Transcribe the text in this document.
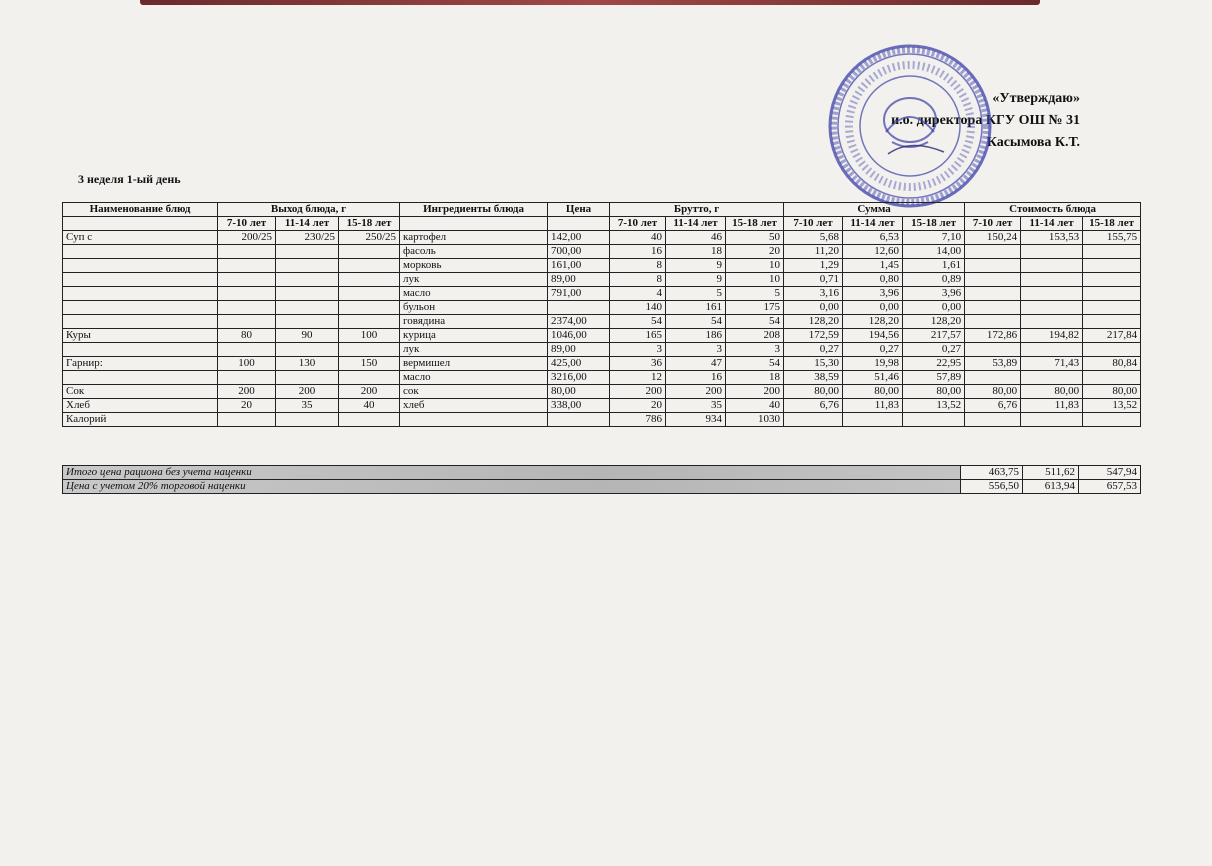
«Утверждаю»
и.о. директора КГУ ОШ № 31
Касымова К.Т.
3 неделя 1-ый день
Наименование блюд	Выход блюда, г			Ингредиенты блюда	Цена	Брутто, г			Сумма			Стоимость блюда		
	7-10 лет	11-14 лет	15-18 лет			7-10 лет	11-14 лет	15-18 лет	7-10 лет	11-14 лет	15-18 лет	7-10 лет	11-14 лет	15-18 лет
Суп с	200/25	230/25	250/25	картофел	142,00	40	46	50	5,68	6,53	7,10	150,24	153,53	155,75
				фасоль	700,00	16	18	20	11,20	12,60	14,00			
				морковь	161,00	8	9	10	1,29	1,45	1,61			
				лук	89,00	8	9	10	0,71	0,80	0,89			
				масло	791,00	4	5	5	3,16	3,96	3,96			
				бульон		140	161	175	0,00	0,00	0,00			
				говядина	2374,00	54	54	54	128,20	128,20	128,20			
Куры	80	90	100	курица	1046,00	165	186	208	172,59	194,56	217,57	172,86	194,82	217,84
				лук	89,00	3	3	3	0,27	0,27	0,27			
Гарнир:	100	130	150	вермишел	425,00	36	47	54	15,30	19,98	22,95	53,89	71,43	80,84
				масло	3216,00	12	16	18	38,59	51,46	57,89			
Сок	200	200	200	сок	80,00	200	200	200	80,00	80,00	80,00	80,00	80,00	80,00
Хлеб	20	35	40	хлеб	338,00	20	35	40	6,76	11,83	13,52	6,76	11,83	13,52
Калорий						786	934	1030						
Итого цена рациона без учета наценки	463,75	511,62	547,94
Цена с учетом 20% торговой наценки	556,50	613,94	657,53
